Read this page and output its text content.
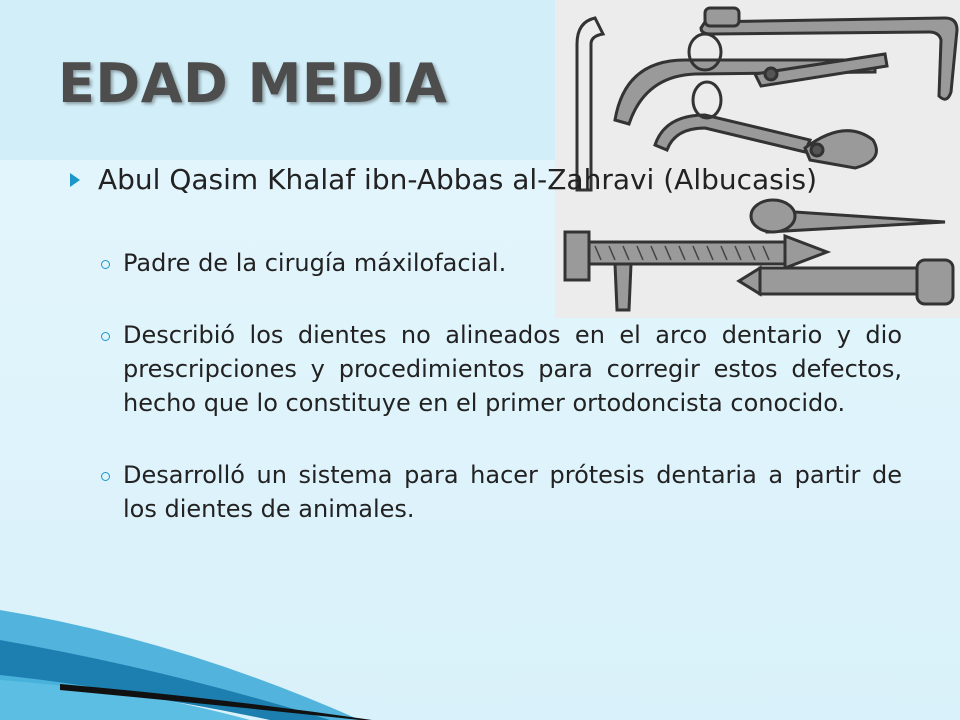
EDAD MEDIA
Abul Qasim Khalaf ibn-Abbas al-Zahravi (Albucasis)
Padre de la cirugía máxilofacial.
Describió los dientes no alineados en el arco dentario y dio prescripciones y procedimientos para corregir estos defectos, hecho que lo constituye en el primer ortodoncista conocido.
Desarrolló un sistema para hacer prótesis dentaria a partir de los dientes de animales.
